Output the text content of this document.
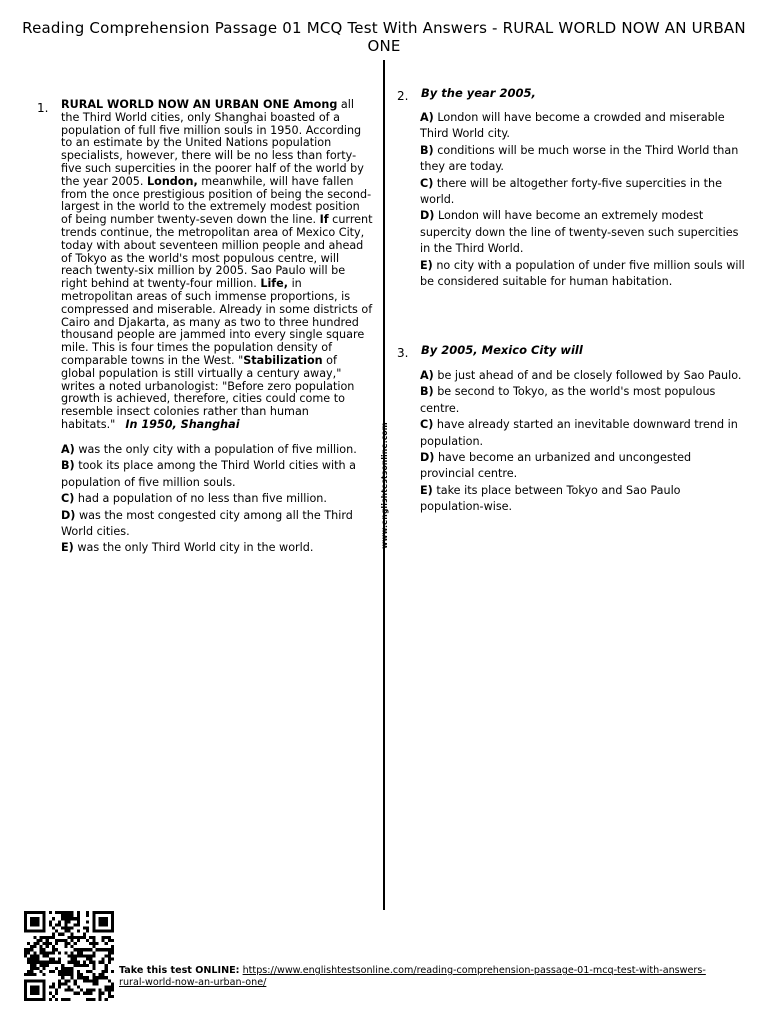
Reading Comprehension Passage 01 MCQ Test With Answers - RURAL WORLD NOW AN URBAN ONE
www.englishtestsonline.com
1. RURAL WORLD NOW AN URBAN ONE Among all the Third World cities, only Shanghai boasted of a population of full five million souls in 1950. According to an estimate by the United Nations population specialists, however, there will be no less than forty-five such supercities in the poorer half of the world by the year 2005. London, meanwhile, will have fallen from the once prestigious position of being the second-largest in the world to the extremely modest position of being number twenty-seven down the line. If current trends continue, the metropolitan area of Mexico City, today with about seventeen million people and ahead of Tokyo as the world's most populous centre, will reach twenty-six million by 2005. Sao Paulo will be right behind at twenty-four million. Life, in metropolitan areas of such immense proportions, is compressed and miserable. Already in some districts of Cairo and Djakarta, as many as two to three hundred thousand people are jammed into every single square mile. This is four times the population density of comparable towns in the West. "Stabilization of global population is still virtually a century away," writes a noted urbanologist: "Before zero population growth is achieved, therefore, cities could come to resemble insect colonies rather than human habitats." In 1950, Shanghai
A) was the only city with a population of five million.
B) took its place among the Third World cities with a population of five million souls.
C) had a population of no less than five million.
D) was the most congested city among all the Third World cities.
E) was the only Third World city in the world.
2. By the year 2005,
A) London will have become a crowded and miserable Third World city.
B) conditions will be much worse in the Third World than they are today.
C) there will be altogether forty-five supercities in the world.
D) London will have become an extremely modest supercity down the line of twenty-seven such supercities in the Third World.
E) no city with a population of under five million souls will be considered suitable for human habitation.
3. By 2005, Mexico City will
A) be just ahead of and be closely followed by Sao Paulo.
B) be second to Tokyo, as the world's most populous centre.
C) have already started an inevitable downward trend in population.
D) have become an urbanized and uncongested provincial centre.
E) take its place between Tokyo and Sao Paulo population-wise.
Take this test ONLINE: https://www.englishtestsonline.com/reading-comprehension-passage-01-mcq-test-with-answers-rural-world-now-an-urban-one/
